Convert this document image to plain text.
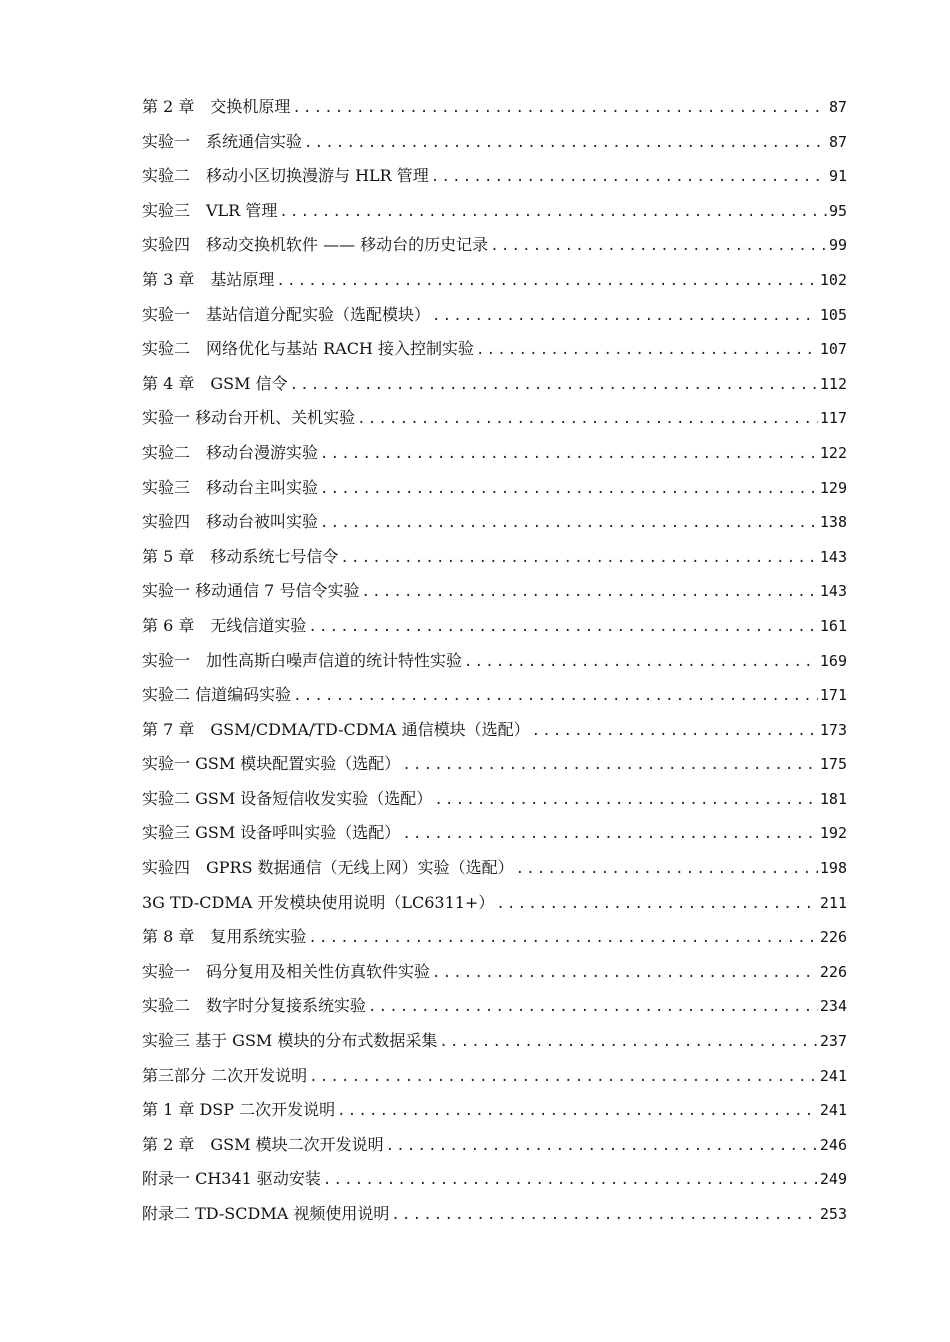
第 2 章　交换机原理 .....	87
实验一　系统通信实验 .....	87
实验二　移动小区切换漫游与 HLR 管理 .....	91
实验三　VLR 管理 .....	95
实验四　移动交换机软件 —— 移动台的历史记录 .....	99
第 3 章　基站原理 .....	102
实验一　基站信道分配实验（选配模块） .....	105
实验二　网络优化与基站 RACH 接入控制实验 .....	107
第 4 章　GSM 信令 .....	112
实验一 移动台开机、关机实验 .....	117
实验二　移动台漫游实验 .....	122
实验三　移动台主叫实验 .....	129
实验四　移动台被叫实验 .....	138
第 5 章　移动系统七号信令 .....	143
实验一 移动通信 7 号信令实验 .....	143
第 6 章　无线信道实验 .....	161
实验一　加性高斯白噪声信道的统计特性实验 .....	169
实验二 信道编码实验 .....	171
第 7 章　GSM/CDMA/TD-CDMA 通信模块（选配） .....	173
实验一 GSM 模块配置实验（选配） .....	175
实验二 GSM 设备短信收发实验（选配） .....	181
实验三 GSM 设备呼叫实验（选配） .....	192
实验四　GPRS 数据通信（无线上网）实验（选配） .....	198
3G TD-CDMA 开发模块使用说明（LC6311+） .....	211
第 8 章　复用系统实验 .....	226
实验一　码分复用及相关性仿真软件实验 .....	226
实验二　数字时分复接系统实验 .....	234
实验三 基于 GSM 模块的分布式数据采集 .....	237
第三部分 二次开发说明 .....	241
第 1 章 DSP 二次开发说明 .....	241
第 2 章　GSM 模块二次开发说明 .....	246
附录一 CH341 驱动安装 .....	249
附录二 TD-SCDMA 视频使用说明 .....	253
